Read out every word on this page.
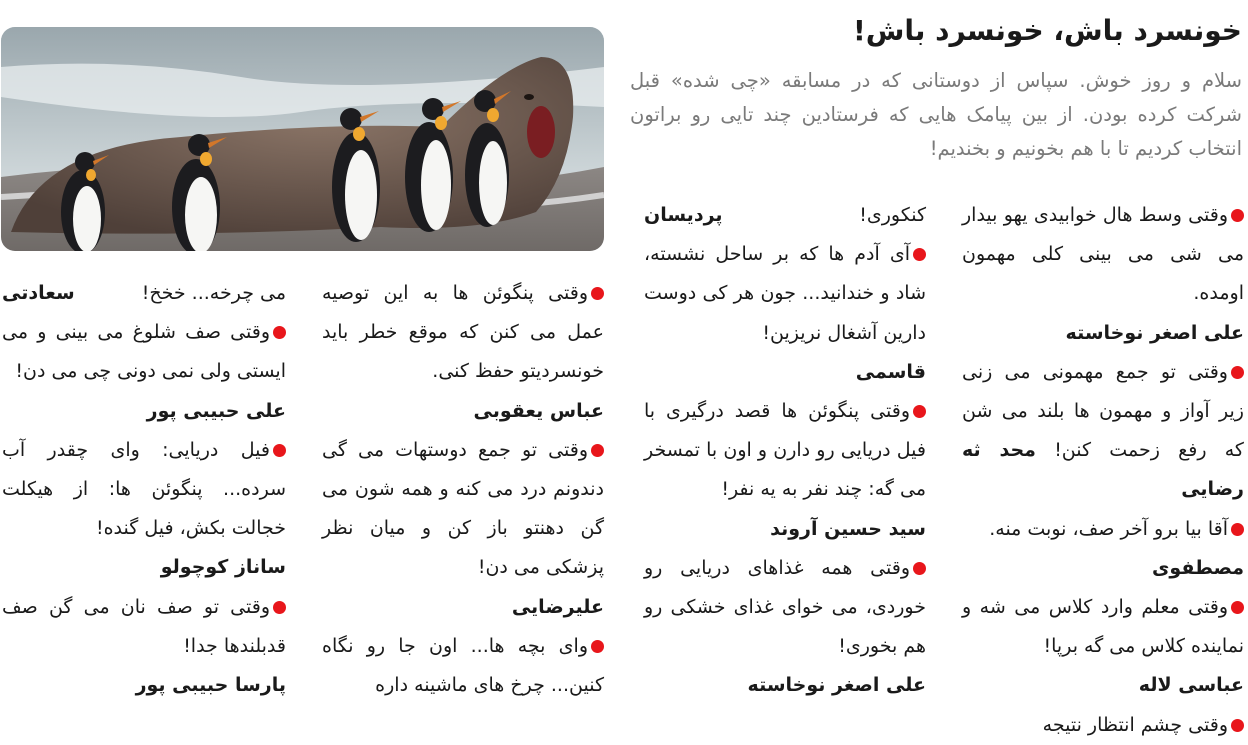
خونسرد باش، خونسرد باش!
سلام و روز خوش. سپاس از دوستانی که در مسابقه «چی شده» قبل شرکت کرده بودن. از بین پیامک هایی که فرستادین چند تایی رو براتون انتخاب کردیم تا با هم بخونیم و بخندیم!

وقتی وسط هال خوابیدی یهو بیدار می شی می بینی کلی مهمون اومده.

علی اصغر نوخاسته

وقتی تو جمع مهمونی می زنی زیر آواز و مهمون ها بلند می شن که رفع زحمت کنن! محد ثه رضایی

آقا بیا برو آخر صف، نوبت منه.

مصطفوی

وقتی معلم وارد کلاس می شه و نماینده کلاس می گه برپا!

عباسی لاله

وقتی چشم انتظار نتیجه

کنکوری!
پردیسان

آی آدم ها که بر ساحل نشسته، شاد و خندانید... جون هر کی دوست دارین آشغال نریزین!

قاسمی

وقتی پنگوئن ها قصد درگیری با فیل دریایی رو دارن و اون با تمسخر می گه: چند نفر به یه نفر!

سید حسین آروند

وقتی همه غذاهای دریایی رو خوردی، می خوای غذای خشکی رو هم بخوری!

علی اصغر نوخاسته

وقتی پنگوئن ها به این توصیه عمل می کنن که موقع خطر باید خونسردیتو حفظ کنی.

عباس یعقوبی

وقتی تو جمع دوستهات می گی دندونم درد می کنه و همه شون می گن دهنتو باز کن و میان نظر پزشکی می دن!

علیرضایی

وای بچه ها... اون جا رو نگاه کنین... چرخ های ماشینه داره

می چرخه... خخخ!
سعادتی

وقتی صف شلوغ می بینی و می ایستی ولی نمی دونی چی می دن!

علی حبیبی پور

فیل دریایی: وای چقدر آب سرده... پنگوئن ها: از هیکلت خجالت بکش، فیل گنده!

ساناز کوچولو

وقتی تو صف نان می گن صف قدبلندها جدا!

پارسا حبیبی پور
